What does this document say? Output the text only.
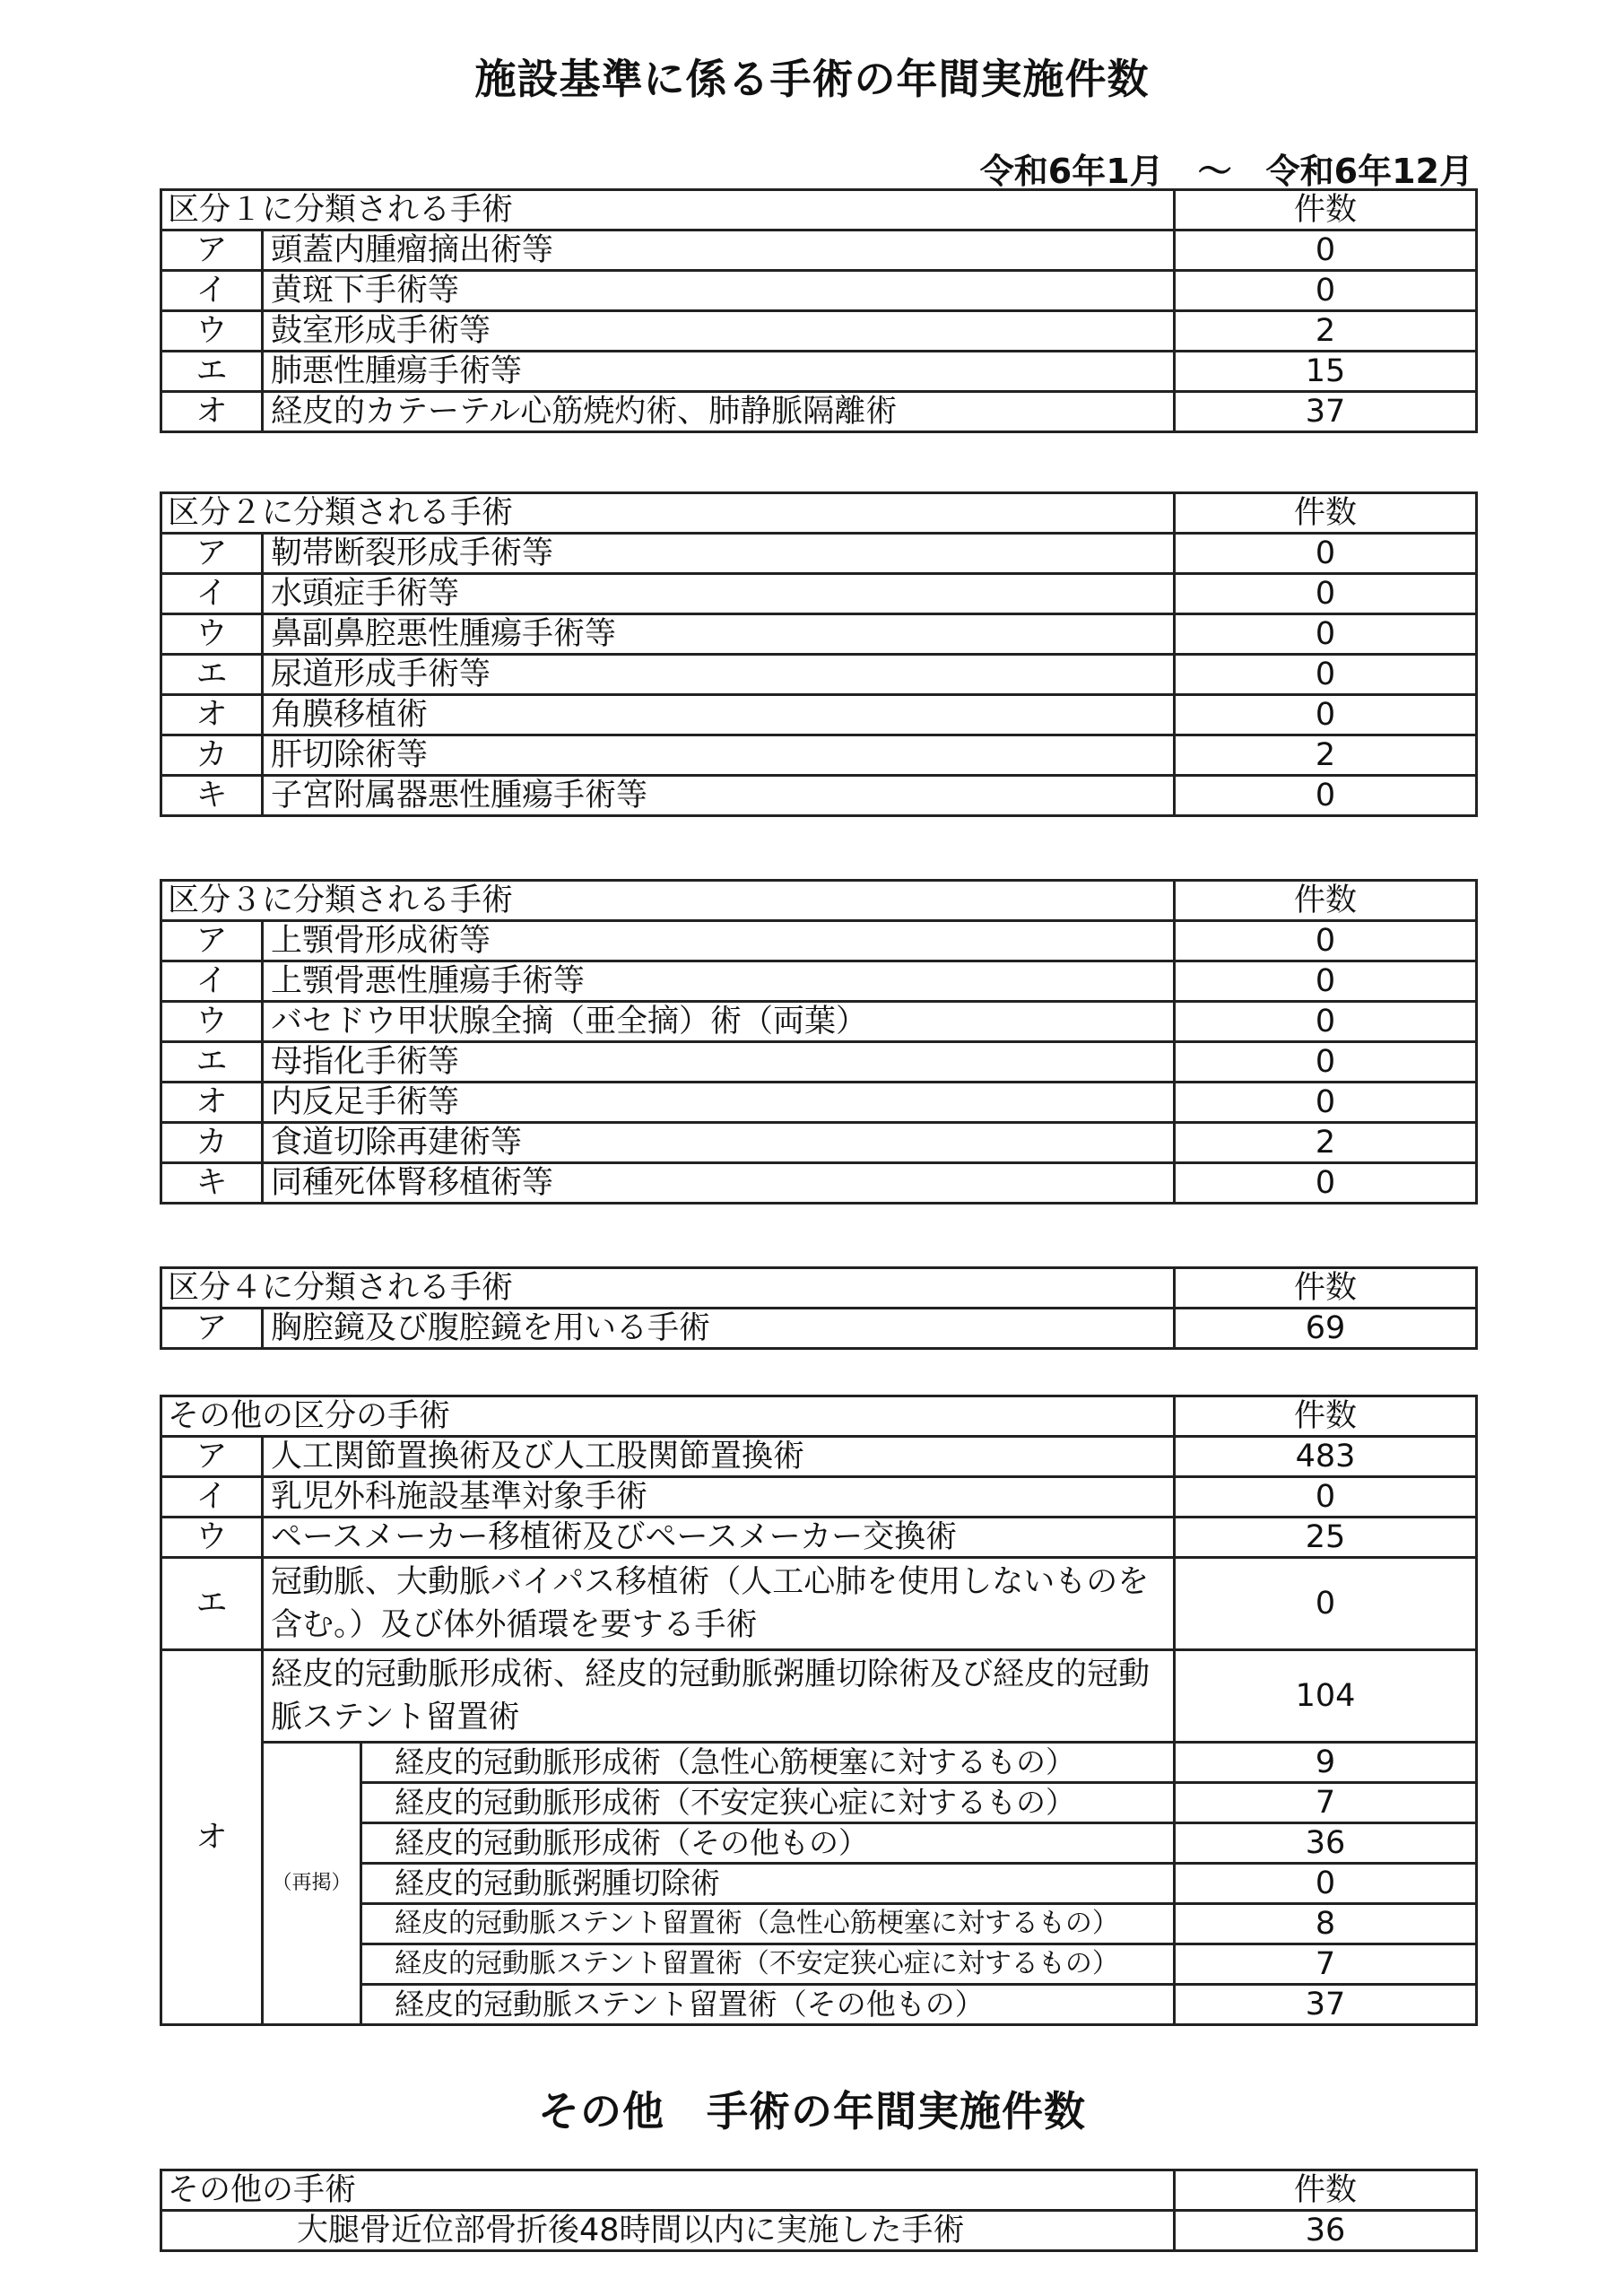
施設基準に係る手術の年間実施件数
令和6年1月　～　令和6年12月
区分１に分類される手術		件数
ア	頭蓋内腫瘤摘出術等	0
イ	黄斑下手術等	0
ウ	鼓室形成手術等	2
エ	肺悪性腫瘍手術等	15
オ	経皮的カテーテル心筋焼灼術、肺静脈隔離術	37
区分２に分類される手術		件数
ア	靭帯断裂形成手術等	0
イ	水頭症手術等	0
ウ	鼻副鼻腔悪性腫瘍手術等	0
エ	尿道形成手術等	0
オ	角膜移植術	0
カ	肝切除術等	2
キ	子宮附属器悪性腫瘍手術等	0
区分３に分類される手術		件数
ア	上顎骨形成術等	0
イ	上顎骨悪性腫瘍手術等	0
ウ	バセドウ甲状腺全摘（亜全摘）術（両葉）	0
エ	母指化手術等	0
オ	内反足手術等	0
カ	食道切除再建術等	2
キ	同種死体腎移植術等	0
区分４に分類される手術		件数
ア	胸腔鏡及び腹腔鏡を用いる手術	69
その他の区分の手術			件数
ア	人工関節置換術及び人工股関節置換術		483
イ	乳児外科施設基準対象手術		0
ウ	ペースメーカー移植術及びペースメーカー交換術		25
エ	冠動脈、大動脈バイパス移植術（人工心肺を使用しないものを含む。）及び体外循環を要する手術		0
オ	経皮的冠動脈形成術、経皮的冠動脈粥腫切除術及び経皮的冠動脈ステント留置術		104
	（再掲）	経皮的冠動脈形成術（急性心筋梗塞に対するもの）	9
		経皮的冠動脈形成術（不安定狭心症に対するもの）	7
		経皮的冠動脈形成術（その他もの）	36
		経皮的冠動脈粥腫切除術	0
		経皮的冠動脈ステント留置術（急性心筋梗塞に対するもの）	8
		経皮的冠動脈ステント留置術（不安定狭心症に対するもの）	7
		経皮的冠動脈ステント留置術（その他もの）	37
その他　手術の年間実施件数
その他の手術	件数
大腿骨近位部骨折後48時間以内に実施した手術	36
